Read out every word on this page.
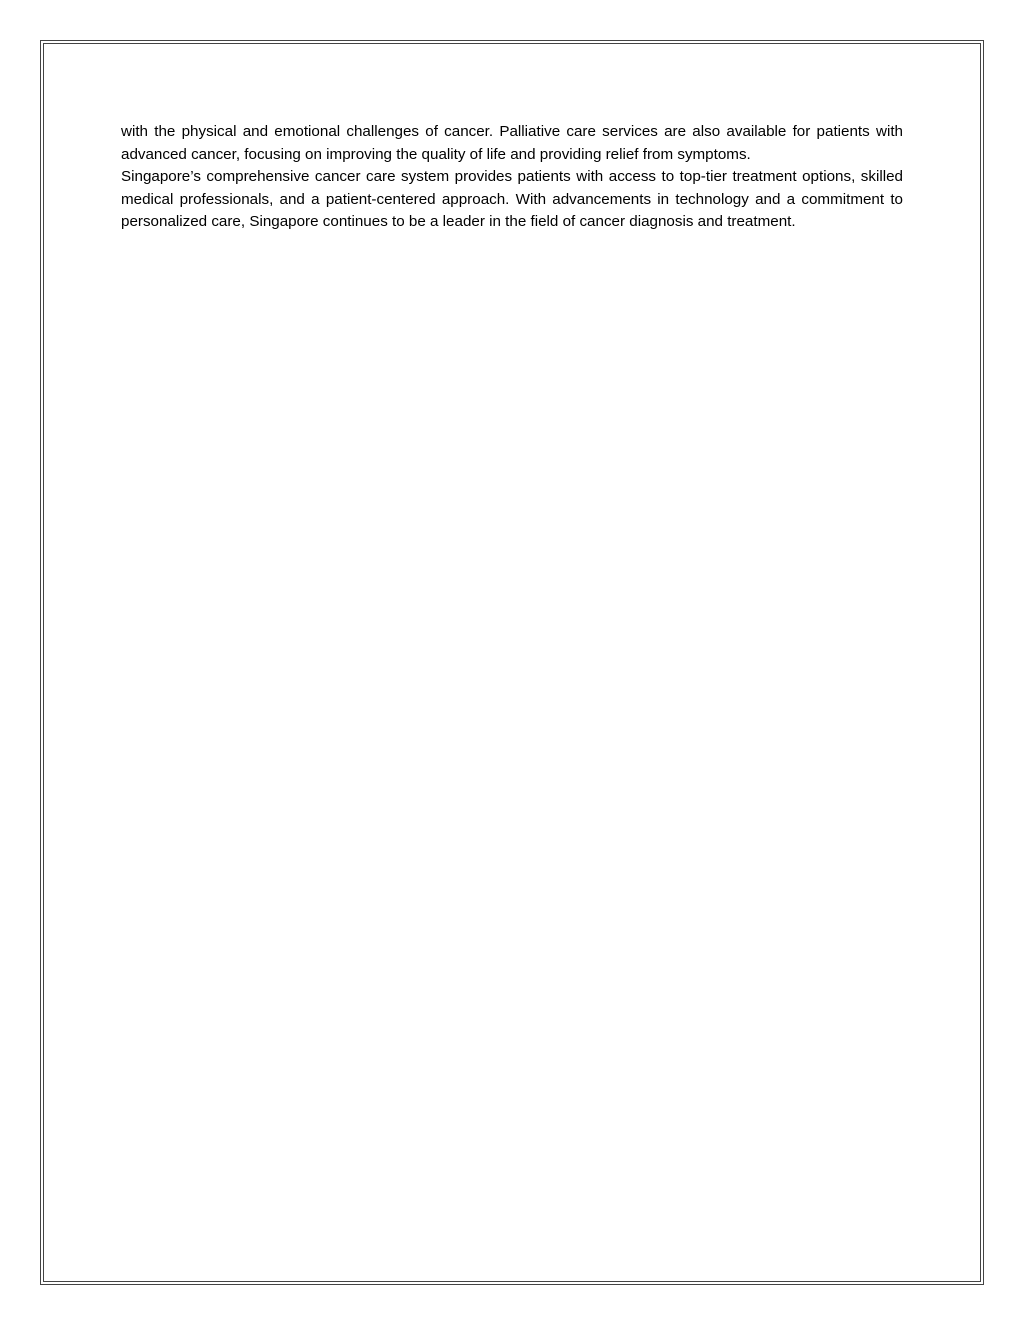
with the physical and emotional challenges of cancer. Palliative care services are also available for patients with advanced cancer, focusing on improving the quality of life and providing relief from symptoms.

Singapore’s comprehensive cancer care system provides patients with access to top-tier treatment options, skilled medical professionals, and a patient-centered approach. With advancements in technology and a commitment to personalized care, Singapore continues to be a leader in the field of cancer diagnosis and treatment.
